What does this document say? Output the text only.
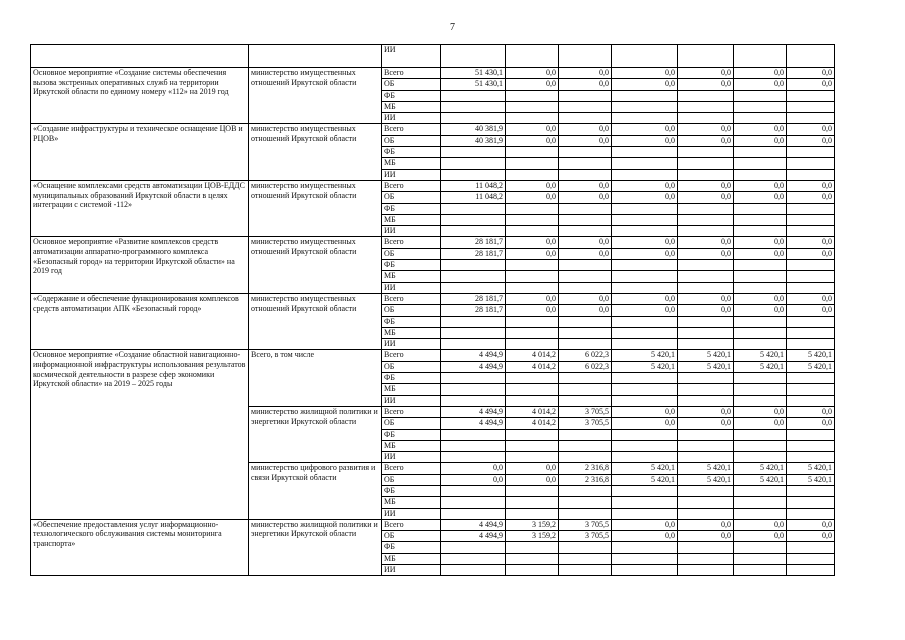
7
		ИИ							
Основное мероприятие «Создание системы обеспечения вызова экстренных оперативных служб на территории Иркутской области по единому номеру «112» на 2019 год	министерство имущественных отношений Иркутской области	Всего	51 430,1	0,0	0,0	0,0	0,0	0,0	0,0
		ОБ	51 430,1	0,0	0,0	0,0	0,0	0,0	0,0
		ФБ							
		МБ							
		ИИ							
«Создание инфраструктуры и техническое оснащение ЦОВ и РЦОВ»	министерство имущественных отношений Иркутской области	Всего	40 381,9	0,0	0,0	0,0	0,0	0,0	0,0
		ОБ	40 381,9	0,0	0,0	0,0	0,0	0,0	0,0
		ФБ							
		МБ							
		ИИ							
«Оснащение комплексами средств автоматизации ЦОВ-ЕДДС муниципальных образований Иркутской области в целях интеграции с системой -112»	министерство имущественных отношений Иркутской области	Всего	11 048,2	0,0	0,0	0,0	0,0	0,0	0,0
		ОБ	11 048,2	0,0	0,0	0,0	0,0	0,0	0,0
		ФБ							
		МБ							
		ИИ							
Основное мероприятие «Развитие комплексов средств автоматизации аппаратно-программного комплекса «Безопасный город» на территории Иркутской области» на 2019 год	министерство имущественных отношений Иркутской области	Всего	28 181,7	0,0	0,0	0,0	0,0	0,0	0,0
		ОБ	28 181,7	0,0	0,0	0,0	0,0	0,0	0,0
		ФБ							
		МБ							
		ИИ							
«Содержание и обеспечение функционирования комплексов средств автоматизации АПК «Безопасный город»	министерство имущественных отношений Иркутской области	Всего	28 181,7	0,0	0,0	0,0	0,0	0,0	0,0
		ОБ	28 181,7	0,0	0,0	0,0	0,0	0,0	0,0
		ФБ							
		МБ							
		ИИ							
Основное мероприятие «Создание областной навигационно-информационной инфраструктуры использования результатов космической деятельности в разрезе сфер экономики Иркутской области» на 2019 – 2025 годы	Всего, в том числе	Всего	4 494,9	4 014,2	6 022,3	5 420,1	5 420,1	5 420,1	5 420,1
		ОБ	4 494,9	4 014,2	6 022,3	5 420,1	5 420,1	5 420,1	5 420,1
		ФБ							
		МБ							
		ИИ							
	министерство жилищной политики и энергетики Иркутской области	Всего	4 494,9	4 014,2	3 705,5	0,0	0,0	0,0	0,0
		ОБ	4 494,9	4 014,2	3 705,5	0,0	0,0	0,0	0,0
		ФБ							
		МБ							
		ИИ							
	министерство цифрового развития и связи Иркутской области	Всего	0,0	0,0	2 316,8	5 420,1	5 420,1	5 420,1	5 420,1
		ОБ	0,0	0,0	2 316,8	5 420,1	5 420,1	5 420,1	5 420,1
		ФБ							
		МБ							
		ИИ							
«Обеспечение предоставления услуг информационно-технологического обслуживания системы мониторинга транспорта»	министерство жилищной политики и энергетики Иркутской области	Всего	4 494,9	3 159,2	3 705,5	0,0	0,0	0,0	0,0
		ОБ	4 494,9	3 159,2	3 705,5	0,0	0,0	0,0	0,0
		ФБ							
		МБ							
		ИИ							
